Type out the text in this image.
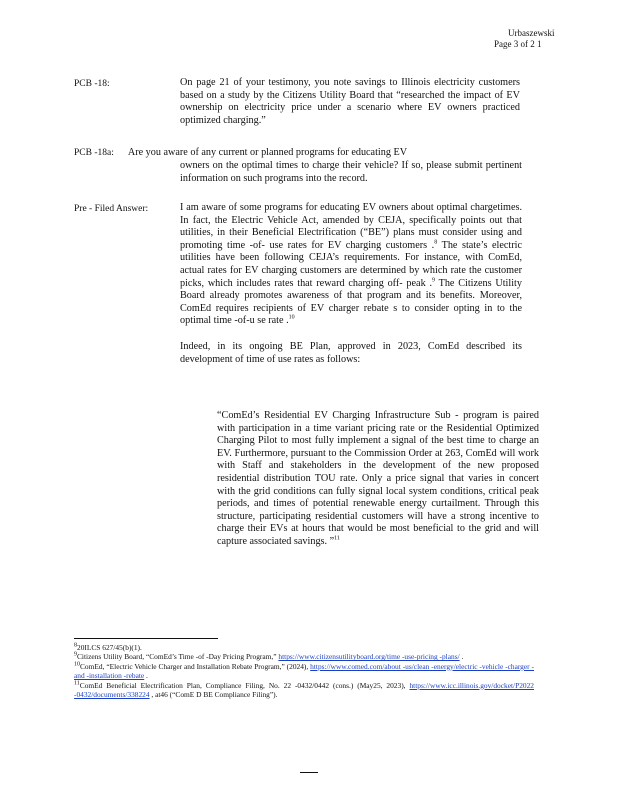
Urbaszewski
Page 3 of 2 1
PCB -18:	On page 21 of your testimony, you note savings to Illinois electricity customers based on a study by the Citizens Utility Board that “researched the impact of EV ownership on electricity price under a scenario where EV owners practiced optimized charging.”
PCB -18a: Are you aware of any current or planned programs for educating EV
owners on the optimal times to charge their vehicle? If so, please submit pertinent information on such programs into the record.
Pre - Filed Answer:	I am aware of some programs for educating EV owners about optimal chargetimes. In fact, the Electric Vehicle Act, amended by CEJA, specifically points out that utilities, in their Beneficial Electrification (“BE”) plans must consider using and promoting time -of- use rates for EV charging customers .$^8$ The state’s electric utilities have been following CEJA’s requirements. For instance, with ComEd, actual rates for EV charging customers are determined by which rate the customer picks, which includes rates that reward charging off- peak .$^9$ The Citizens Utility Board already promotes awareness of that program and its benefits. Moreover, ComEd requires recipients of EV charger rebate s to consider opting in to the optimal time -of-u se rate .$^{10}$
Indeed, in its ongoing BE Plan, approved in 2023, ComEd described its development of time of use rates as follows:
“ComEd’s Residential EV Charging Infrastructure Sub - program is paired with participation in a time variant pricing rate or the Residential Optimized Charging Pilot to most fully implement a signal of the best time to charge an EV. Furthermore, pursuant to the Commission Order at 263, ComEd will work with Staff and stakeholders in the development of the new proposed residential distribution TOU rate. Only a price signal that varies in concert with the grid conditions can fully signal local system conditions, critical peak periods, and times of potential renewable energy curtailment. Through this structure, participating residential customers will have a strong incentive to charge their EVs at hours that would be most beneficial to the grid and will capture associated savings. ”$^{11}$
$^8$20ILCS 627/45(b)(1).
$^9$Citizens Utility Board, “ComEd’s Time -of -Day Pricing Program,” https://www.citizensutilityboard.org/time -use-pricing -plans/ .
$^{10}$ComEd, “Electric Vehicle Charger and Installation Rebate Program,” (2024), https://www.comed.com/about -us/clean -energy/electric -vehicle -charger -and -installation -rebate .
$^{11}$ComEd Beneficial Electrification Plan, Compliance Filing, No. 22 -0432/0442 (cons.) (May25, 2023), https://www.icc.illinois.gov/docket/P2022 -0432/documents/338224 , at46 (“ComE D BE Compliance Filing”).
